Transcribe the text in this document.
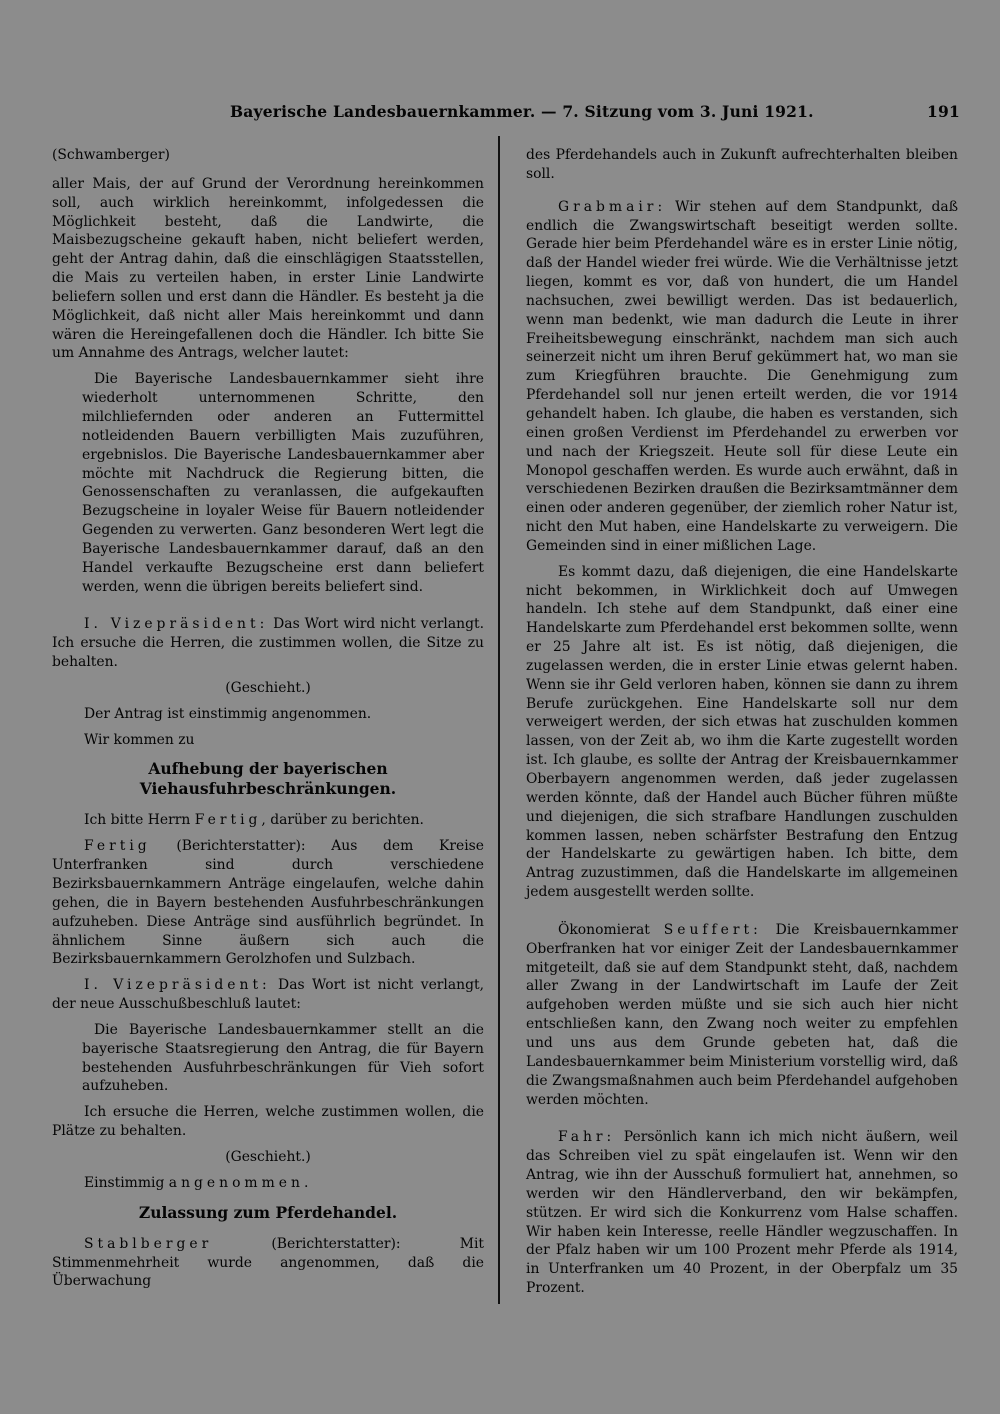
Bayerische Landesbauernkammer. — 7. Sitzung vom 3. Juni 1921.	191

(Schwamberger)

aller Mais, der auf Grund der Verordnung hereinkommen soll, auch wirklich hereinkommt, infolgedessen die Möglichkeit besteht, daß die Landwirte, die Maisbezugscheine gekauft haben, nicht beliefert werden, geht der Antrag dahin, daß die einschlägigen Staatsstellen, die Mais zu verteilen haben, in erster Linie Landwirte beliefern sollen und erst dann die Händler. Es besteht ja die Möglichkeit, daß nicht aller Mais hereinkommt und dann wären die Hereingefallenen doch die Händler. Ich bitte Sie um Annahme des Antrags, welcher lautet:

Die Bayerische Landesbauernkammer sieht ihre wiederholt unternommenen Schritte, den milchliefernden oder anderen an Futtermittel notleidenden Bauern verbilligten Mais zuzuführen, ergebnislos. Die Bayerische Landesbauernkammer aber möchte mit Nachdruck die Regierung bitten, die Genossenschaften zu veranlassen, die aufgekauften Bezugscheine in loyaler Weise für Bauern notleidender Gegenden zu verwerten. Ganz besonderen Wert legt die Bayerische Landesbauernkammer darauf, daß an den Handel verkaufte Bezugscheine erst dann beliefert werden, wenn die übrigen bereits beliefert sind.

I. Vizepräsident: Das Wort wird nicht verlangt. Ich ersuche die Herren, die zustimmen wollen, die Sitze zu behalten.

(Geschieht.)

Der Antrag ist einstimmig angenommen.

Wir kommen zu

Aufhebung der bayerischen Viehausfuhrbeschränkungen.

Ich bitte Herrn Fertig, darüber zu berichten.

Fertig (Berichterstatter): Aus dem Kreise Unterfranken sind durch verschiedene Bezirksbauernkammern Anträge eingelaufen, welche dahin gehen, die in Bayern bestehenden Ausfuhrbeschränkungen aufzuheben. Diese Anträge sind ausführlich begründet. In ähnlichem Sinne äußern sich auch die Bezirksbauernkammern Gerolzhofen und Sulzbach.

I. Vizepräsident: Das Wort ist nicht verlangt, der neue Ausschußbeschluß lautet:

Die Bayerische Landesbauernkammer stellt an die bayerische Staatsregierung den Antrag, die für Bayern bestehenden Ausfuhrbeschränkungen für Vieh sofort aufzuheben.

Ich ersuche die Herren, welche zustimmen wollen, die Plätze zu behalten.

(Geschieht.)

Einstimmig angenommen.

Zulassung zum Pferdehandel.

Stablberger (Berichterstatter): Mit Stimmenmehrheit wurde angenommen, daß die Überwachung

des Pferdehandels auch in Zukunft aufrechterhalten bleiben soll.

Grabmair: Wir stehen auf dem Standpunkt, daß endlich die Zwangswirtschaft beseitigt werden sollte. Gerade hier beim Pferdehandel wäre es in erster Linie nötig, daß der Handel wieder frei würde. Wie die Verhältnisse jetzt liegen, kommt es vor, daß von hundert, die um Handel nachsuchen, zwei bewilligt werden. Das ist bedauerlich, wenn man bedenkt, wie man dadurch die Leute in ihrer Freiheitsbewegung einschränkt, nachdem man sich auch seinerzeit nicht um ihren Beruf gekümmert hat, wo man sie zum Kriegführen brauchte. Die Genehmigung zum Pferdehandel soll nur jenen erteilt werden, die vor 1914 gehandelt haben. Ich glaube, die haben es verstanden, sich einen großen Verdienst im Pferdehandel zu erwerben vor und nach der Kriegszeit. Heute soll für diese Leute ein Monopol geschaffen werden. Es wurde auch erwähnt, daß in verschiedenen Bezirken draußen die Bezirksamtmänner dem einen oder anderen gegenüber, der ziemlich roher Natur ist, nicht den Mut haben, eine Handelskarte zu verweigern. Die Gemeinden sind in einer mißlichen Lage.

Es kommt dazu, daß diejenigen, die eine Handelskarte nicht bekommen, in Wirklichkeit doch auf Umwegen handeln. Ich stehe auf dem Standpunkt, daß einer eine Handelskarte zum Pferdehandel erst bekommen sollte, wenn er 25 Jahre alt ist. Es ist nötig, daß diejenigen, die zugelassen werden, die in erster Linie etwas gelernt haben. Wenn sie ihr Geld verloren haben, können sie dann zu ihrem Berufe zurückgehen. Eine Handelskarte soll nur dem verweigert werden, der sich etwas hat zuschulden kommen lassen, von der Zeit ab, wo ihm die Karte zugestellt worden ist. Ich glaube, es sollte der Antrag der Kreisbauernkammer Oberbayern angenommen werden, daß jeder zugelassen werden könnte, daß der Handel auch Bücher führen müßte und diejenigen, die sich strafbare Handlungen zuschulden kommen lassen, neben schärfster Bestrafung den Entzug der Handelskarte zu gewärtigen haben. Ich bitte, dem Antrag zuzustimmen, daß die Handelskarte im allgemeinen jedem ausgestellt werden sollte.

Ökonomierat Seuffert: Die Kreisbauernkammer Oberfranken hat vor einiger Zeit der Landesbauernkammer mitgeteilt, daß sie auf dem Standpunkt steht, daß, nachdem aller Zwang in der Landwirtschaft im Laufe der Zeit aufgehoben werden müßte und sie sich auch hier nicht entschließen kann, den Zwang noch weiter zu empfehlen und uns aus dem Grunde gebeten hat, daß die Landesbauernkammer beim Ministerium vorstellig wird, daß die Zwangsmaßnahmen auch beim Pferdehandel aufgehoben werden möchten.

Fahr: Persönlich kann ich mich nicht äußern, weil das Schreiben viel zu spät eingelaufen ist. Wenn wir den Antrag, wie ihn der Ausschuß formuliert hat, annehmen, so werden wir den Händlerverband, den wir bekämpfen, stützen. Er wird sich die Konkurrenz vom Halse schaffen. Wir haben kein Interesse, reelle Händler wegzuschaffen. In der Pfalz haben wir um 100 Prozent mehr Pferde als 1914, in Unterfranken um 40 Prozent, in der Oberpfalz um 35 Prozent.
